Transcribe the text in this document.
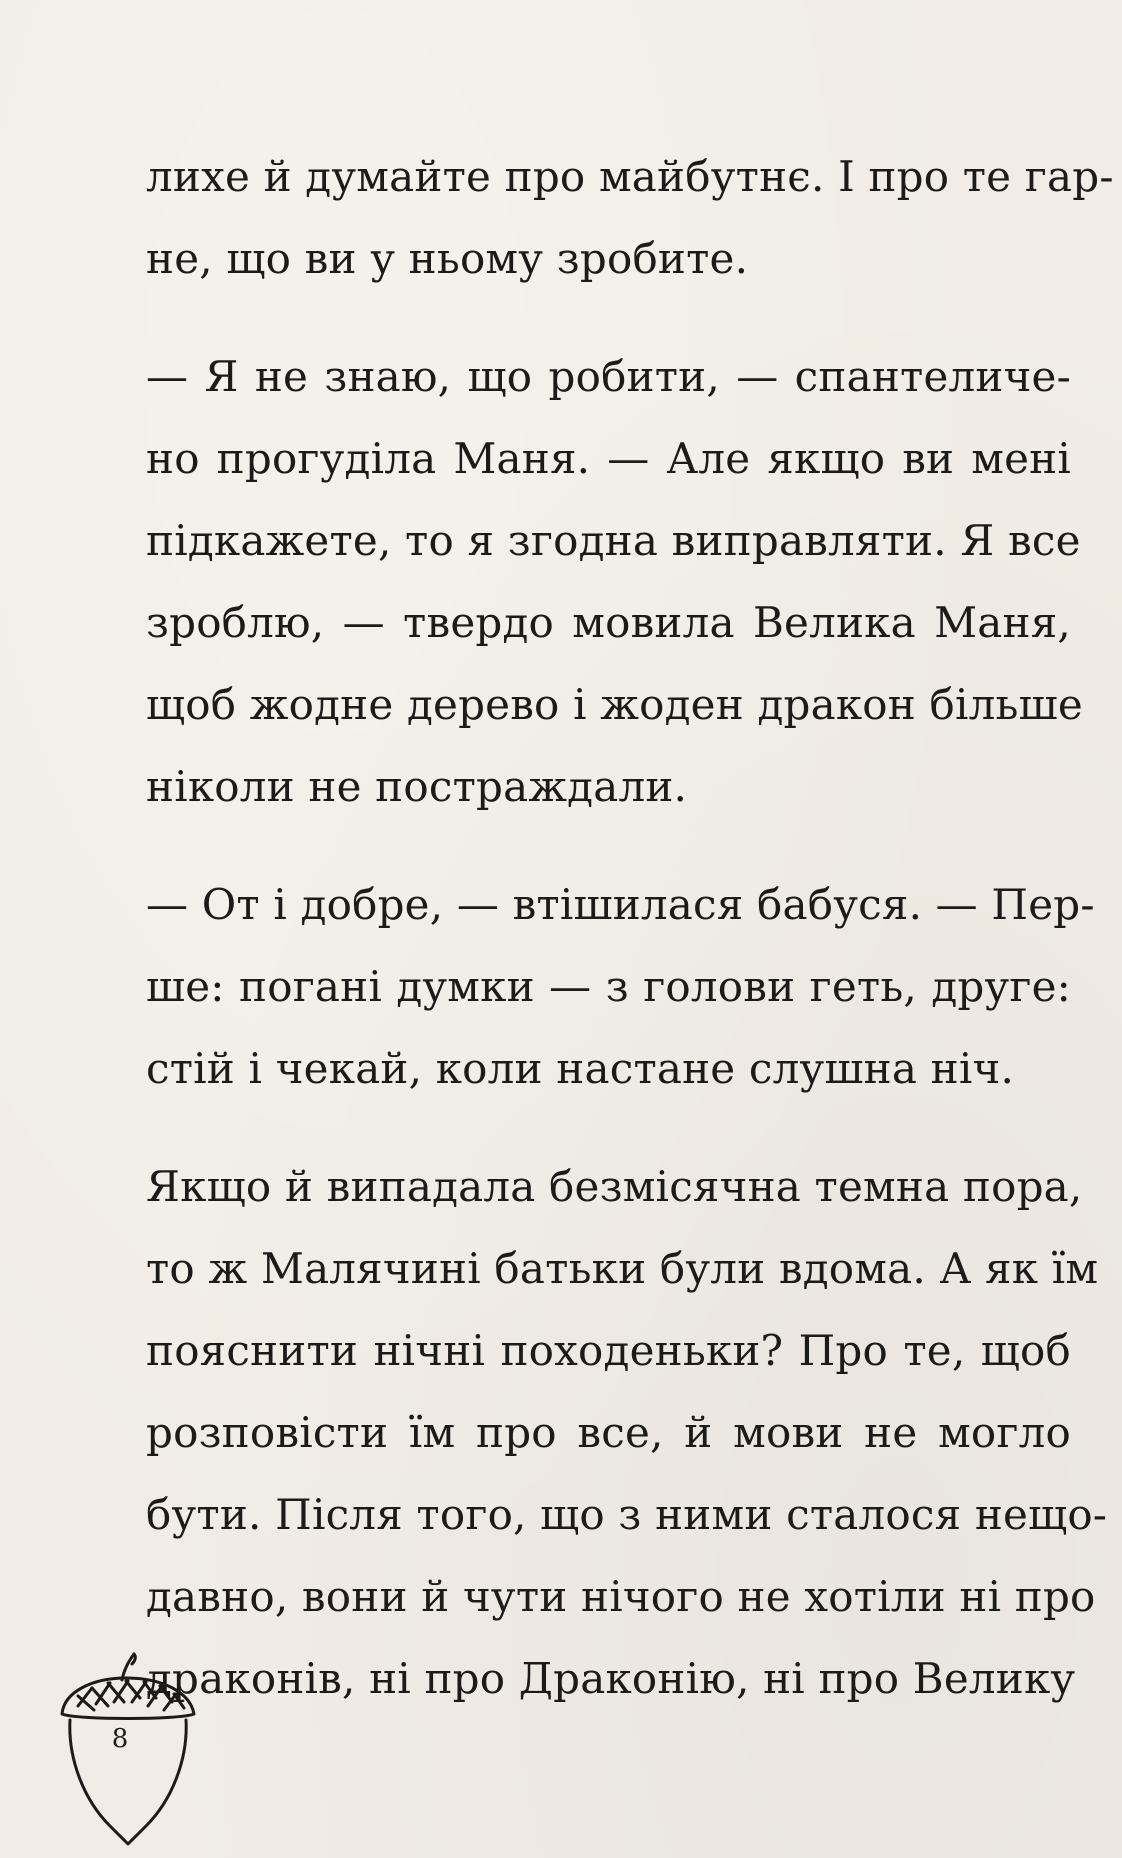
лихе й думайте про майбутнє. І про те гар-
не, що ви у ньому зробите.

— Я не знаю, що робити, — спантеличе-
но прогуділа Маня. — Але якщо ви мені
підкажете, то я згодна виправляти. Я все
зроблю, — твердо мовила Велика Маня,
щоб жодне дерево і жоден дракон більше
ніколи не постраждали.

— От і добре, — втішилася бабуся. — Пер-
ше: погані думки — з голови геть, друге:
стій і чекай, коли настане слушна ніч.

Якщо й випадала безмісячна темна пора,
то ж Малячині батьки були вдома. А як їм
пояснити нічні походеньки? Про те, щоб
розповісти їм про все, й мови не могло
бути. Після того, що з ними сталося нещо-
давно, вони й чути нічого не хотіли ні про
драконів, ні про Драконію, ні про Велику

8
